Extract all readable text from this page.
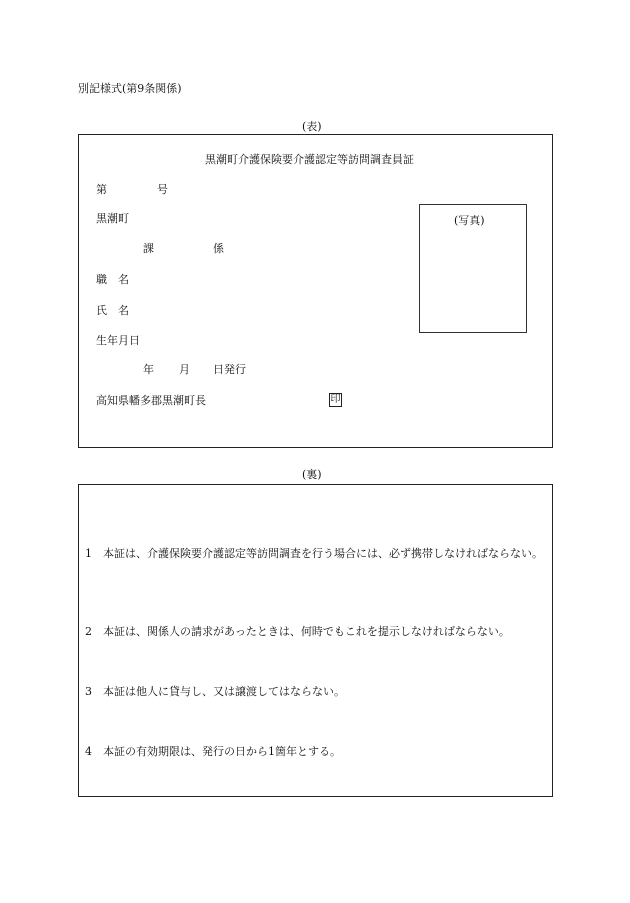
別記様式(第9条関係)
(表)
黒潮町介護保険要介護認定等訪問調査員証
第	号
黒潮町
課	係
職　名
氏　名
生年月日
年 月 日発行
高知県幡多郡黒潮町長	印
(写真)
(裏)
1　本証は、介護保険要介護認定等訪問調査を行う場合には、必ず携帯しなければならない。
2　本証は、関係人の請求があったときは、何時でもこれを提示しなければならない。
3　本証は他人に貸与し、又は譲渡してはならない。
4　本証の有効期限は、発行の日から1箇年とする。
